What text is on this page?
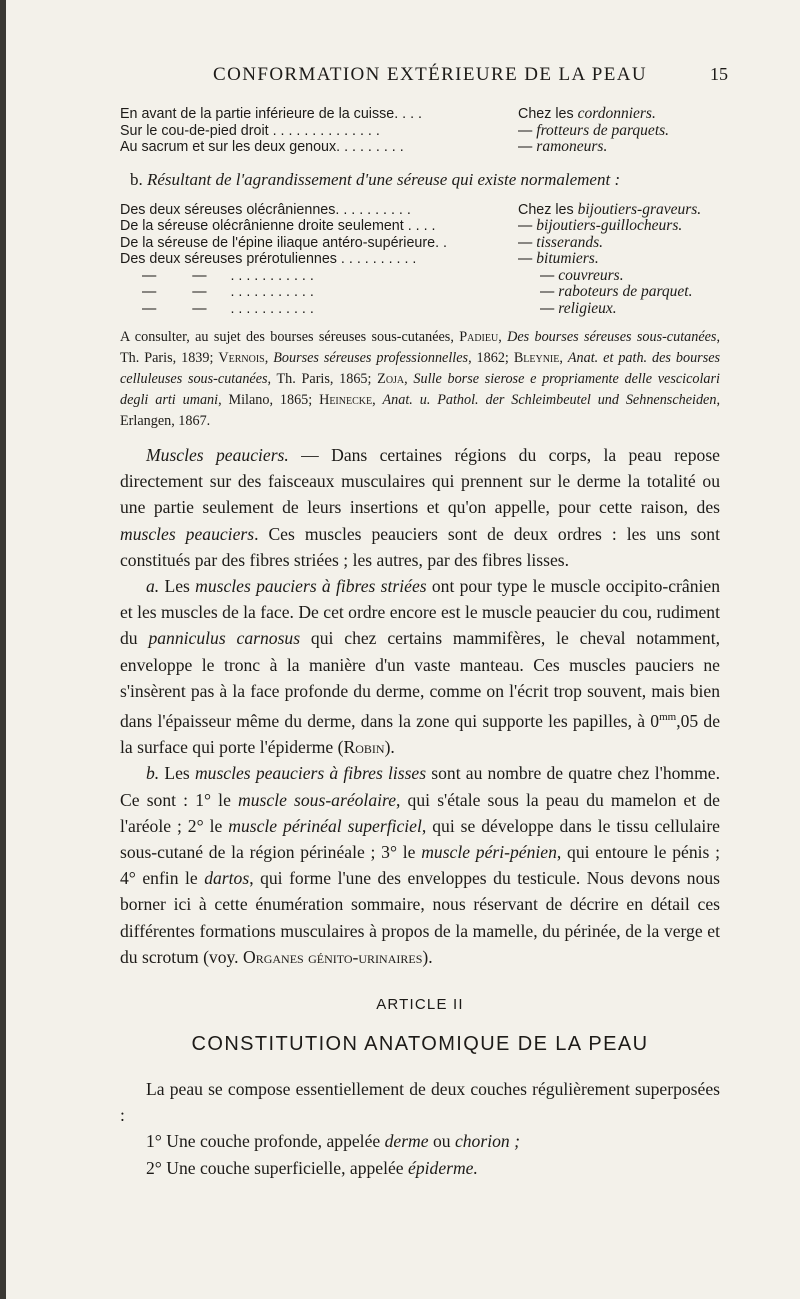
CONFORMATION EXTÉRIEURE DE LA PEAU	15
En avant de la partie inférieure de la cuisse. . . .	Chez les cordonniers.
Sur le cou-de-pied droit . . . . . . . . . . . . . .	— frotteurs de parquets.
Au sacrum et sur les deux genoux. . . . . . . . .	— ramoneurs.
b. Résultant de l'agrandissement d'une séreuse qui existe normalement :
Des deux séreuses olécrâniennes. . . . . . . . . .	Chez les bijoutiers-graveurs.
De la séreuse olécrânienne droite seulement . . . .	— bijoutiers-guillocheurs.
De la séreuse de l'épine iliaque antéro-supérieure. .	— tisserands.
Des deux séreuses prérotuliennes . . . . . . . . . .	— bitumiers.
—	— . . . . . . . . . . .	— couvreurs.
—	— . . . . . . . . . . .	— raboteurs de parquet.
—	— . . . . . . . . . . .	— religieux.
A consulter, au sujet des bourses séreuses sous-cutanées, Padieu, Des bourses séreuses sous-cutanées, Th. Paris, 1839; Vernois, Bourses séreuses professionnelles, 1862; Bleynie, Anat. et path. des bourses celluleuses sous-cutanées, Th. Paris, 1865; Zoja, Sulle borse sierose e propriamente delle vescicolari degli arti umani, Milano, 1865; Heinecke, Anat. u. Pathol. der Schleimbeutel und Sehnenscheiden, Erlangen, 1867.

Muscles peauciers. — Dans certaines régions du corps, la peau repose directement sur des faisceaux musculaires qui prennent sur le derme la totalité ou une partie seulement de leurs insertions et qu'on appelle, pour cette raison, des muscles peauciers. Ces muscles peauciers sont de deux ordres : les uns sont constitués par des fibres striées ; les autres, par des fibres lisses.

a. Les muscles pauciers à fibres striées ont pour type le muscle occipito-crânien et les muscles de la face. De cet ordre encore est le muscle peaucier du cou, rudiment du panniculus carnosus qui chez certains mammifères, le cheval notamment, enveloppe le tronc à la manière d'un vaste manteau. Ces muscles pauciers ne s'insèrent pas à la face profonde du derme, comme on l'écrit trop souvent, mais bien dans l'épaisseur même du derme, dans la zone qui supporte les papilles, à $0^{mm},05$ de la surface qui porte l'épiderme (Robin).

b. Les muscles peauciers à fibres lisses sont au nombre de quatre chez l'homme. Ce sont : 1° le muscle sous-aréolaire, qui s'étale sous la peau du mamelon et de l'aréole ; 2° le muscle périnéal superficiel, qui se développe dans le tissu cellulaire sous-cutané de la région périnéale ; 3° le muscle péri-pénien, qui entoure le pénis ; 4° enfin le dartos, qui forme l'une des enveloppes du testicule. Nous devons nous borner ici à cette énumération sommaire, nous réservant de décrire en détail ces différentes formations musculaires à propos de la mamelle, du périnée, de la verge et du scrotum (voy. Organes génito-urinaires).

ARTICLE II
CONSTITUTION ANATOMIQUE DE LA PEAU

La peau se compose essentiellement de deux couches régulièrement superposées :

1° Une couche profonde, appelée derme ou chorion ;

2° Une couche superficielle, appelée épiderme.
